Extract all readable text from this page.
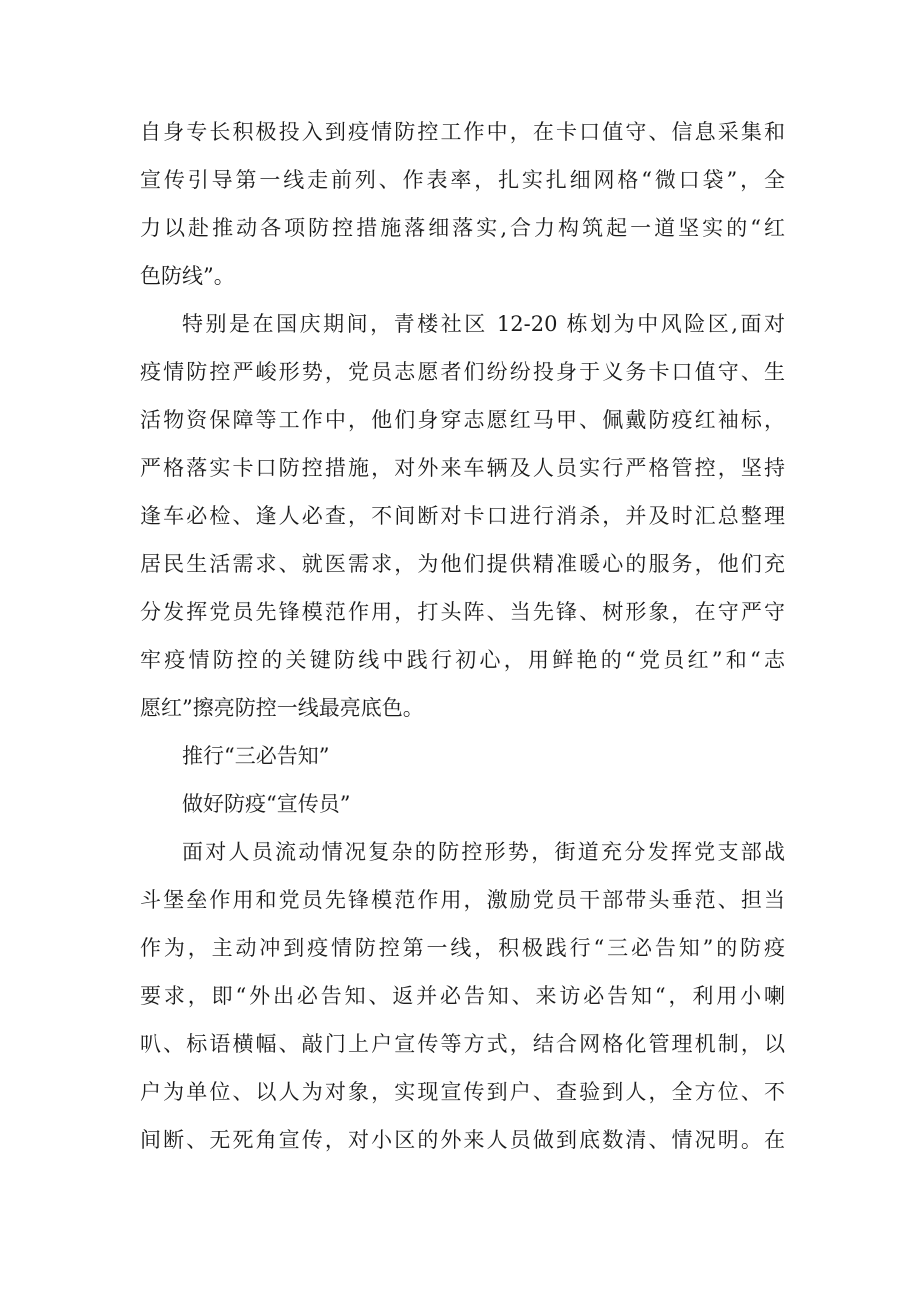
自身专长积极投入到疫情防控工作中，在卡口值守、信息采集和
宣传引导第一线走前列、作表率，扎实扎细网格“微口袋”，全
力以赴推动各项防控措施落细落实,合力构筑起一道坚实的“红
色防线”。
特别是在国庆期间，青楼社区 12-20 栋划为中风险区,面对
疫情防控严峻形势，党员志愿者们纷纷投身于义务卡口值守、生
活物资保障等工作中，他们身穿志愿红马甲、佩戴防疫红袖标，
严格落实卡口防控措施，对外来车辆及人员实行严格管控，坚持
逢车必检、逢人必查，不间断对卡口进行消杀，并及时汇总整理
居民生活需求、就医需求，为他们提供精准暖心的服务，他们充
分发挥党员先锋模范作用，打头阵、当先锋、树形象，在守严守
牢疫情防控的关键防线中践行初心，用鲜艳的“党员红”和“志
愿红”擦亮防控一线最亮底色。
推行“三必告知”
做好防疫“宣传员”
面对人员流动情况复杂的防控形势，街道充分发挥党支部战
斗堡垒作用和党员先锋模范作用，激励党员干部带头垂范、担当
作为，主动冲到疫情防控第一线，积极践行“三必告知”的防疫
要求，即“外出必告知、返并必告知、来访必告知“，利用小喇
叭、标语横幅、敲门上户宣传等方式，结合网格化管理机制，以
户为单位、以人为对象，实现宣传到户、查验到人，全方位、不
间断、无死角宣传，对小区的外来人员做到底数清、情况明。在
